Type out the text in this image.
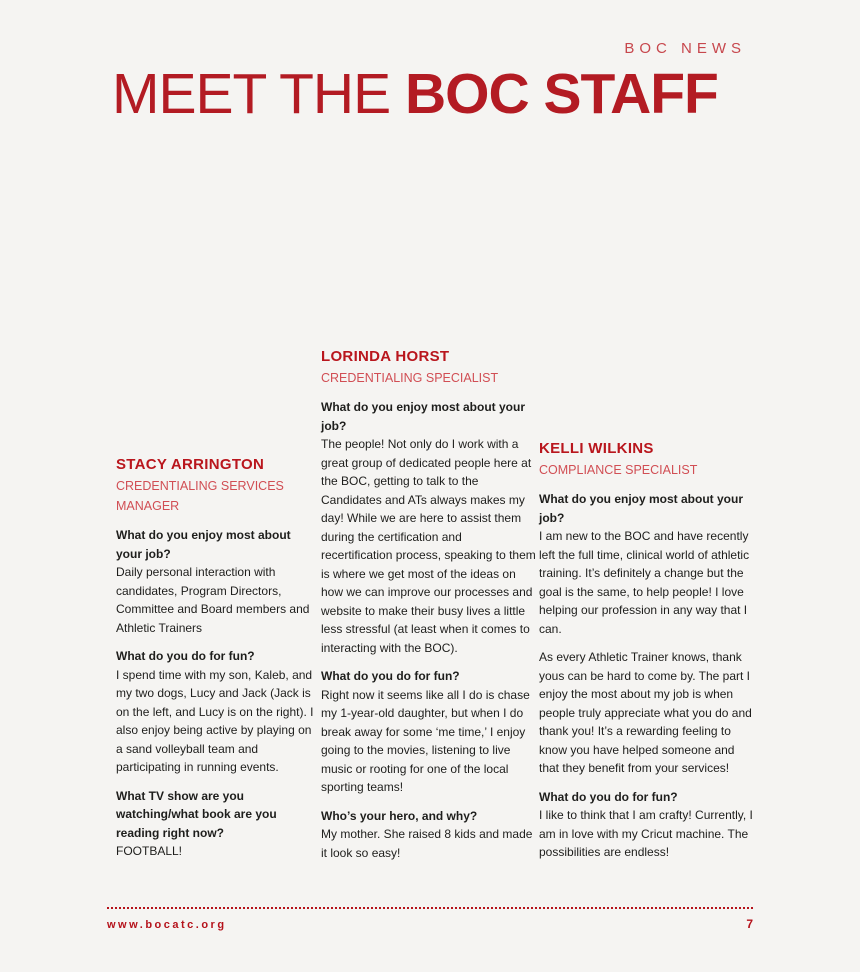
BOC NEWS
MEET THE BOC STAFF
STACY ARRINGTON
CREDENTIALING SERVICES MANAGER
What do you enjoy most about your job?
Daily personal interaction with candidates, Program Directors, Committee and Board members and Athletic Trainers
What do you do for fun?
I spend time with my son, Kaleb, and my two dogs, Lucy and Jack (Jack is on the left, and Lucy is on the right). I also enjoy being active by playing on a sand volleyball team and participating in running events.
What TV show are you watching/what book are you reading right now?
FOOTBALL!
LORINDA HORST
CREDENTIALING SPECIALIST
What do you enjoy most about your job?
The people! Not only do I work with a great group of dedicated people here at the BOC, getting to talk to the Candidates and ATs always makes my day! While we are here to assist them during the certification and recertification process, speaking to them is where we get most of the ideas on how we can improve our processes and website to make their busy lives a little less stressful (at least when it comes to interacting with the BOC).
What do you do for fun?
Right now it seems like all I do is chase my 1-year-old daughter, but when I do break away for some ‘me time,’ I enjoy going to the movies, listening to live music or rooting for one of the local sporting teams!
Who’s your hero, and why?
My mother. She raised 8 kids and made it look so easy!
KELLI WILKINS
COMPLIANCE SPECIALIST
What do you enjoy most about your job?
I am new to the BOC and have recently left the full time, clinical world of athletic training. It’s definitely a change but the goal is the same, to help people! I love helping our profession in any way that I can.
As every Athletic Trainer knows, thank yous can be hard to come by. The part I enjoy the most about my job is when people truly appreciate what you do and thank you! It’s a rewarding feeling to know you have helped someone and that they benefit from your services!
What do you do for fun?
I like to think that I am crafty! Currently, I am in love with my Cricut machine. The possibilities are endless!
www.bocatc.org	7
